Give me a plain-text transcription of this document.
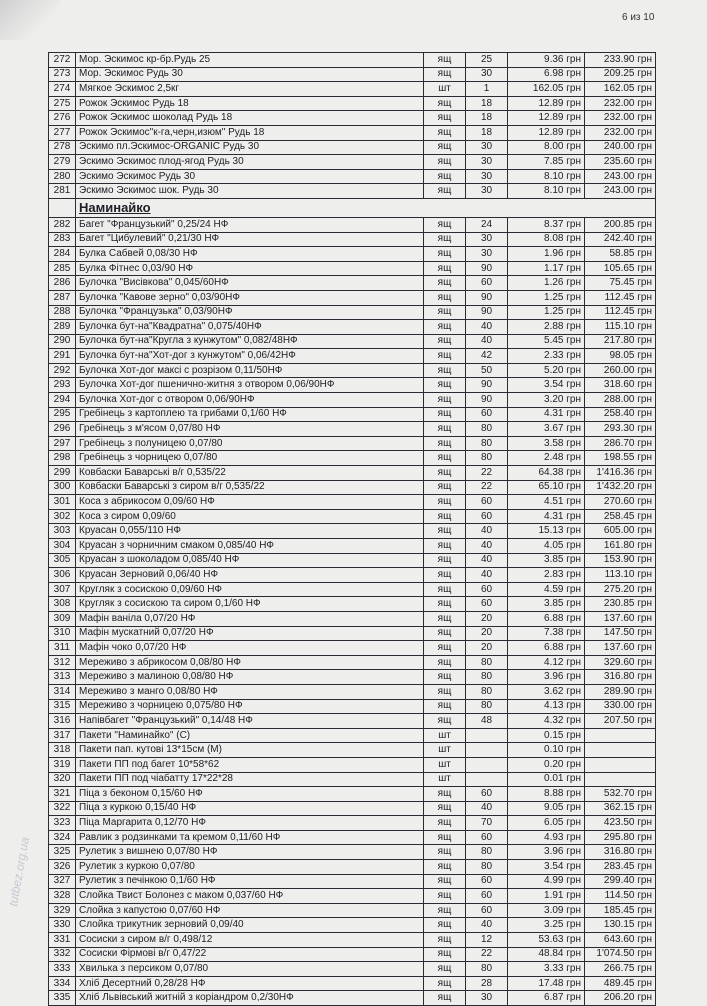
6 из 10
tutbez.org.ua
272	Мор. Эскимос кр-бр.Рудь 25	ящ	25	9.36 грн	233.90 грн
273	Мор. Эскимос Рудь 30	ящ	30	6.98 грн	209.25 грн
274	Мягкое Эскимос 2,5кг	шт	1	162.05 грн	162.05 грн
275	Рожок Эскимос Рудь 18	ящ	18	12.89 грн	232.00 грн
276	Рожок Эскимос шоколад Рудь 18	ящ	18	12.89 грн	232.00 грн
277	Рожок Эскимос"к-га,черн,изюм" Рудь 18	ящ	18	12.89 грн	232.00 грн
278	Эскимо пл.Эскимос-ORGANIC Рудь 30	ящ	30	8.00 грн	240.00 грн
279	Эскимо Эскимос плод-ягод Рудь 30	ящ	30	7.85 грн	235.60 грн
280	Эскимо Эскимос Рудь 30	ящ	30	8.10 грн	243.00 грн
281	Эскимо Эскимос шок. Рудь 30	ящ	30	8.10 грн	243.00 грн
	Наминайко				
282	Багет "Французький" 0,25/24 НФ	ящ	24	8.37 грн	200.85 грн
283	Багет "Цибулевий" 0,21/30 НФ	ящ	30	8.08 грн	242.40 грн
284	Булка Сабвей 0,08/30 НФ	ящ	30	1.96 грн	58.85 грн
285	Булка Фітнес 0,03/90 НФ	ящ	90	1.17 грн	105.65 грн
286	Булочка "Висівкова" 0,045/60НФ	ящ	60	1.26 грн	75.45 грн
287	Булочка "Кавове зерно" 0,03/90НФ	ящ	90	1.25 грн	112.45 грн
288	Булочка "Французька" 0,03/90НФ	ящ	90	1.25 грн	112.45 грн
289	Булочка бут-на"Квадратна" 0,075/40НФ	ящ	40	2.88 грн	115.10 грн
290	Булочка бут-на"Кругла з кунжутом" 0,082/48НФ	ящ	40	5.45 грн	217.80 грн
291	Булочка бут-на"Хот-дог з кунжутом" 0,06/42НФ	ящ	42	2.33 грн	98.05 грн
292	Булочка Хот-дог максі с розрізом 0,11/50НФ	ящ	50	5.20 грн	260.00 грн
293	Булочка Хот-дог пшенично-житня з отвором 0,06/90НФ	ящ	90	3.54 грн	318.60 грн
294	Булочка Хот-дог с отвором 0,06/90НФ	ящ	90	3.20 грн	288.00 грн
295	Гребінець з картоплею та грибами 0,1/60 НФ	ящ	60	4.31 грн	258.40 грн
296	Гребінець з м'ясом 0,07/80 НФ	ящ	80	3.67 грн	293.30 грн
297	Гребінець з полуницею 0,07/80	ящ	80	3.58 грн	286.70 грн
298	Гребінець з чорницею 0,07/80	ящ	80	2.48 грн	198.55 грн
299	Ковбаски Баварські в/г 0,535/22	ящ	22	64.38 грн	1'416.36 грн
300	Ковбаски Баварські з сиром в/г 0,535/22	ящ	22	65.10 грн	1'432.20 грн
301	Коса з абрикосом 0,09/60 НФ	ящ	60	4.51 грн	270.60 грн
302	Коса з сиром 0,09/60	ящ	60	4.31 грн	258.45 грн
303	Круасан 0,055/110 НФ	ящ	40	15.13 грн	605.00 грн
304	Круасан з чорничним смаком 0,085/40 НФ	ящ	40	4.05 грн	161.80 грн
305	Круасан з шоколадом 0,085/40 НФ	ящ	40	3.85 грн	153.90 грн
306	Круасан Зерновий 0,06/40 НФ	ящ	40	2.83 грн	113.10 грн
307	Кругляк з сосискою 0,09/60 НФ	ящ	60	4.59 грн	275.20 грн
308	Кругляк з сосискою та сиром 0,1/60 НФ	ящ	60	3.85 грн	230.85 грн
309	Мафін ваніла 0,07/20 НФ	ящ	20	6.88 грн	137.60 грн
310	Мафін мускатний 0,07/20 НФ	ящ	20	7.38 грн	147.50 грн
311	Мафін чоко 0,07/20 НФ	ящ	20	6.88 грн	137.60 грн
312	Мереживо з абрикосом 0,08/80 НФ	ящ	80	4.12 грн	329.60 грн
313	Мереживо з малиною 0,08/80 НФ	ящ	80	3.96 грн	316.80 грн
314	Мереживо з манго 0,08/80 НФ	ящ	80	3.62 грн	289.90 грн
315	Мереживо з чорницею 0,075/80 НФ	ящ	80	4.13 грн	330.00 грн
316	Напівбагет "Французький" 0,14/48 НФ	ящ	48	4.32 грн	207.50 грн
317	Пакети "Наминайко" (С)	шт		0.15 грн	
318	Пакети пап. кутові 13*15см (М)	шт		0.10 грн	
319	Пакети ПП под багет 10*58*62	шт		0.20 грн	
320	Пакети ПП под чіабатту 17*22*28	шт		0.01 грн	
321	Піца з беконом 0,15/60 НФ	ящ	60	8.88 грн	532.70 грн
322	Піца з куркою 0,15/40 НФ	ящ	40	9.05 грн	362.15 грн
323	Піца Маргарита 0,12/70 НФ	ящ	70	6.05 грн	423.50 грн
324	Равлик з родзинками та кремом 0,11/60 НФ	ящ	60	4.93 грн	295.80 грн
325	Рулетик з вишнею 0,07/80 НФ	ящ	80	3.96 грн	316.80 грн
326	Рулетик з куркою 0,07/80	ящ	80	3.54 грн	283.45 грн
327	Рулетик з печінкою 0,1/60 НФ	ящ	60	4.99 грн	299.40 грн
328	Слойка Твист Болонез с маком 0,037/60 НФ	ящ	60	1.91 грн	114.50 грн
329	Слойка з капустою 0,07/60 НФ	ящ	60	3.09 грн	185.45 грн
330	Слойка трикутник зерновий 0,09/40	ящ	40	3.25 грн	130.15 грн
331	Сосиски з сиром в/г 0,498/12	ящ	12	53.63 грн	643.60 грн
332	Сосиски Фірмові в/г 0,47/22	ящ	22	48.84 грн	1'074.50 грн
333	Хвилька з персиком 0,07/80	ящ	80	3.33 грн	266.75 грн
334	Хліб Десертний 0,28/28 НФ	ящ	28	17.48 грн	489.45 грн
335	Хліб Львівський житній з коріандром 0,2/30НФ	ящ	30	6.87 грн	206.20 грн
